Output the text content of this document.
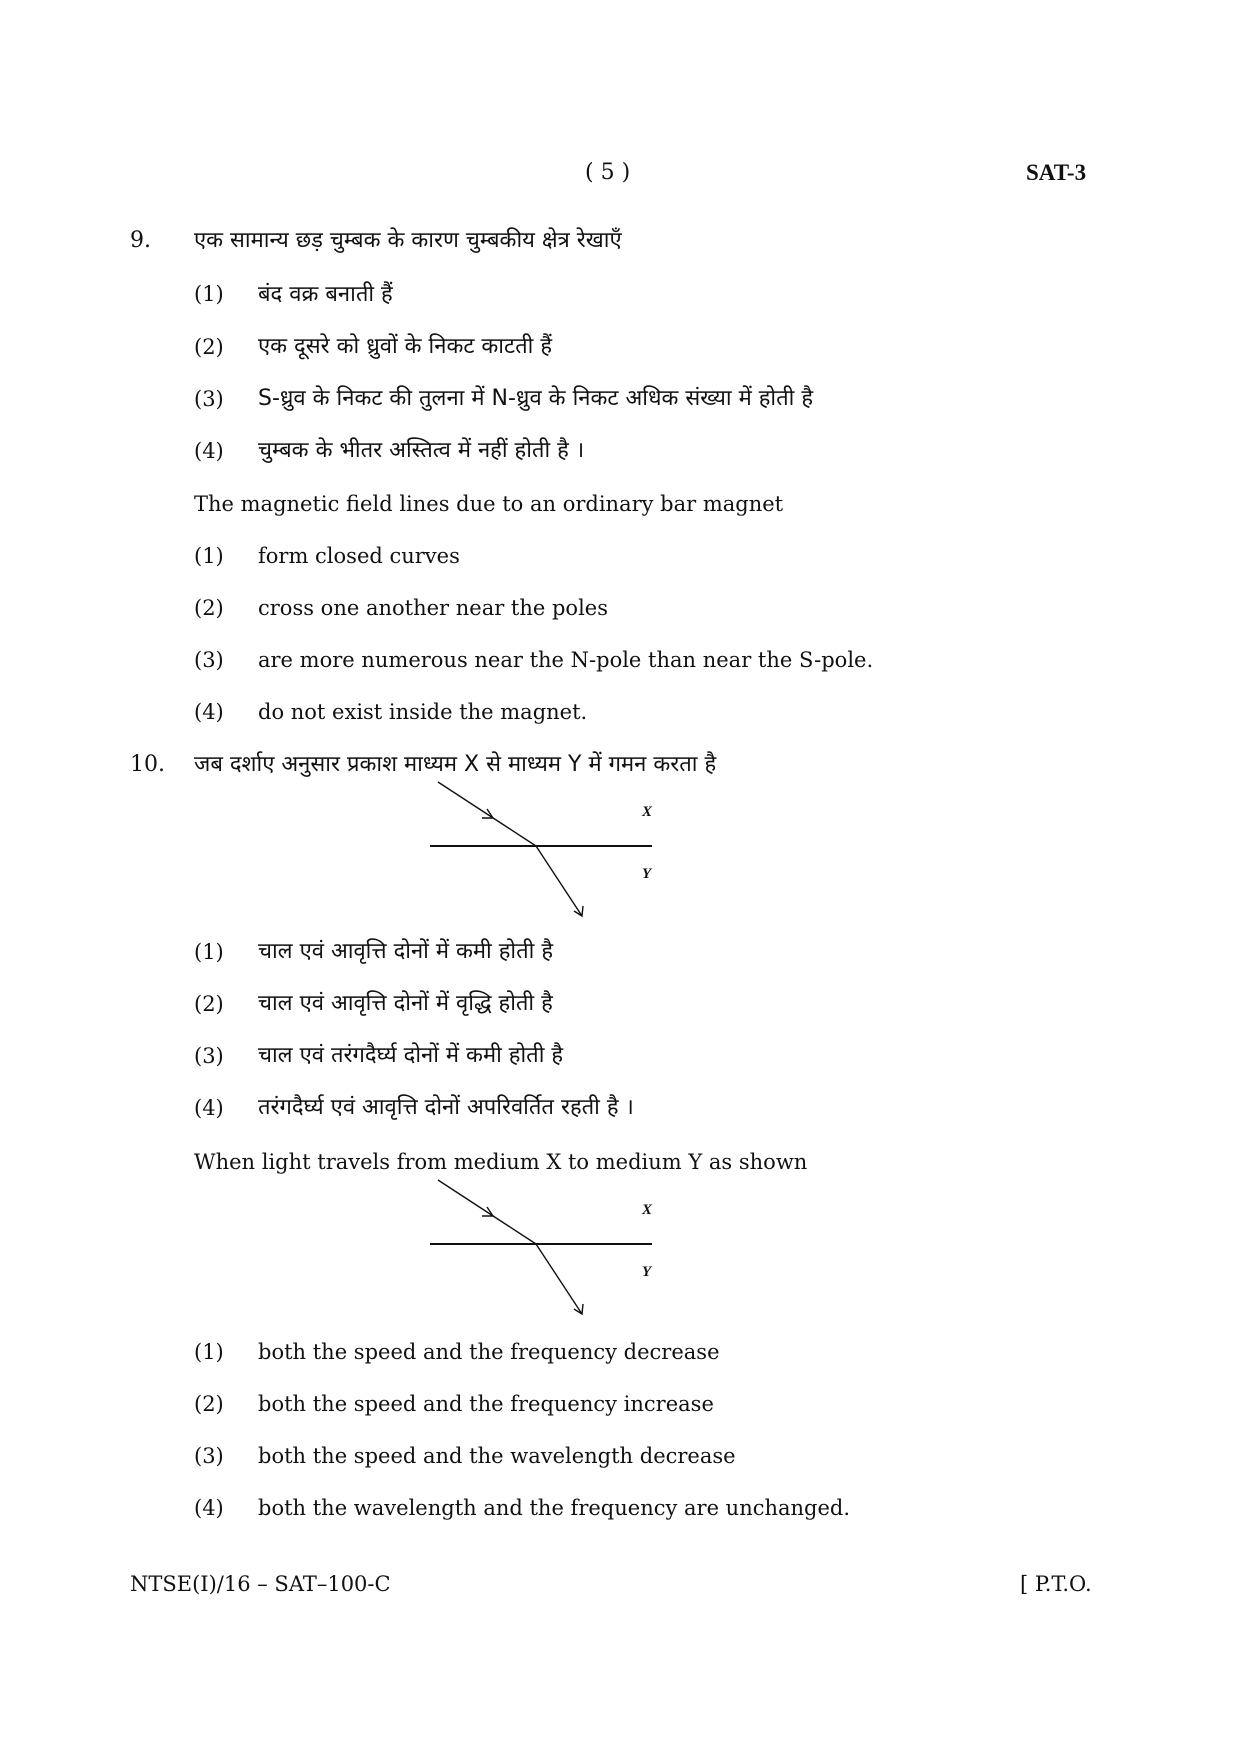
( 5 )	SAT-3
9. एक सामान्य छड़ चुम्बक के कारण चुम्बकीय क्षेत्र रेखाएँ
(1) बंद वक्र बनाती हैं
(2) एक दूसरे को ध्रुवों के निकट काटती हैं
(3) S-ध्रुव के निकट की तुलना में N-ध्रुव के निकट अधिक संख्या में होती है
(4) चुम्बक के भीतर अस्तित्व में नहीं होती है ।
The magnetic field lines due to an ordinary bar magnet
(1) form closed curves
(2) cross one another near the poles
(3) are more numerous near the N-pole than near the S-pole.
(4) do not exist inside the magnet.
10. जब दर्शाए अनुसार प्रकाश माध्यम X से माध्यम Y में गमन करता है
X
Y
(1) चाल एवं आवृत्ति दोनों में कमी होती है
(2) चाल एवं आवृत्ति दोनों में वृद्धि होती है
(3) चाल एवं तरंगदैर्घ्य दोनों में कमी होती है
(4) तरंगदैर्घ्य एवं आवृत्ति दोनों अपरिवर्तित रहती है ।
When light travels from medium X to medium Y as shown
X
Y
(1) both the speed and the frequency decrease
(2) both the speed and the frequency increase
(3) both the speed and the wavelength decrease
(4) both the wavelength and the frequency are unchanged.
NTSE(I)/16 – SAT–100-C	[ P.T.O.
